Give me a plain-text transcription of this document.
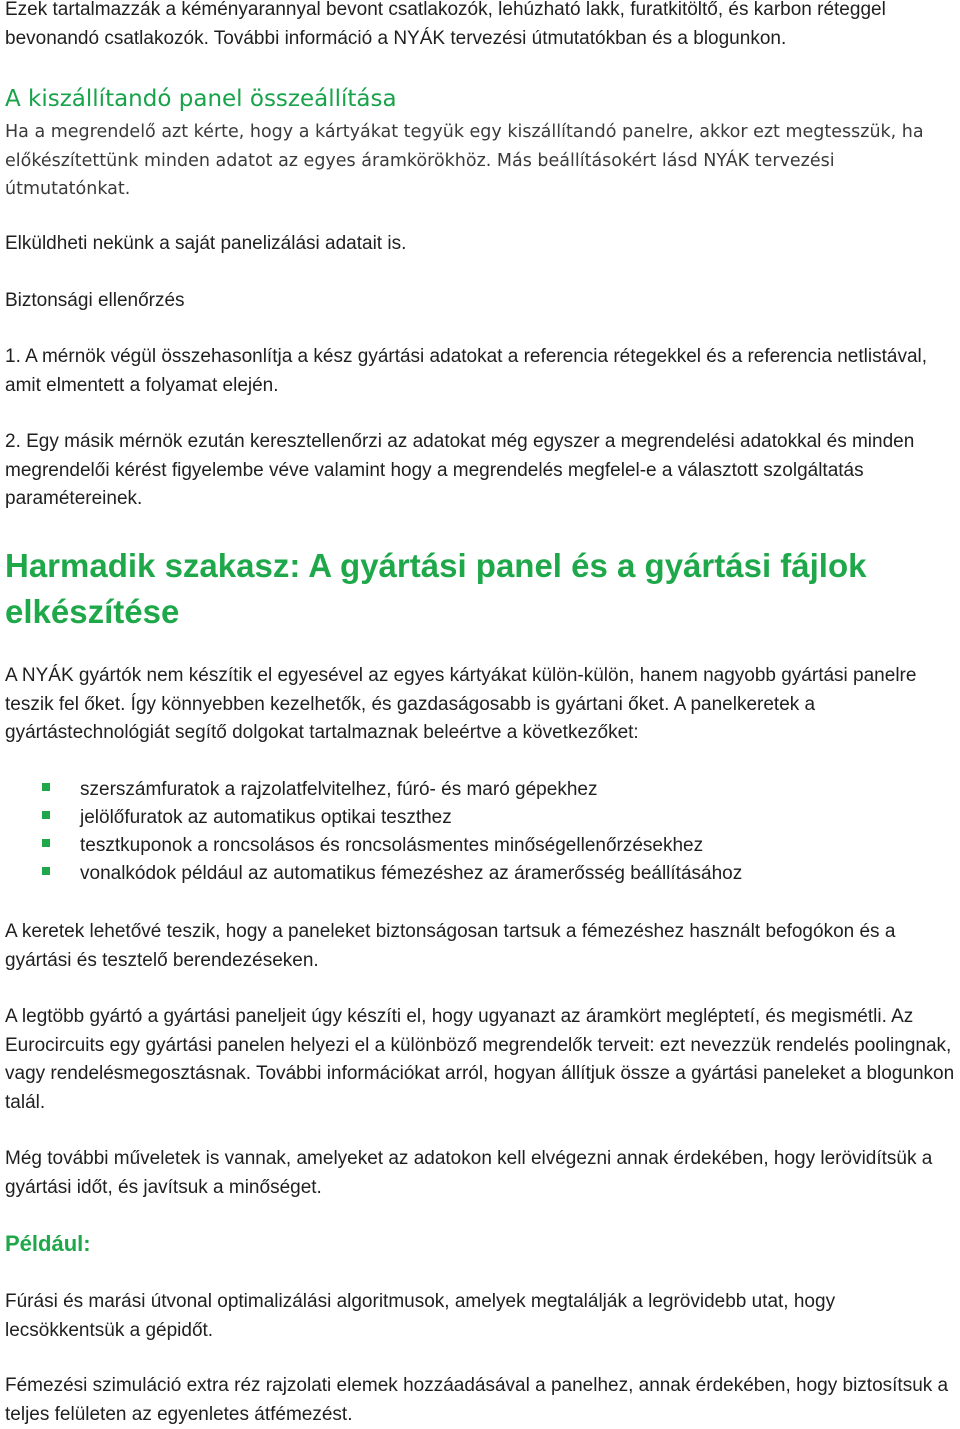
Ezek tartalmazzák a kéményarannyal bevont csatlakozók, lehúzható lakk, furatkitöltő, és karbon réteggel bevonandó csatlakozók. További információ a NYÁK tervezési útmutatókban és a blogunkon.

A kiszállítandó panel összeállítása

Ha a megrendelő azt kérte, hogy a kártyákat tegyük egy kiszállítandó panelre, akkor ezt megtesszük, ha előkészítettünk minden adatot az egyes áramkörökhöz. Más beállításokért lásd NYÁK tervezési útmutatónkat.

Elküldheti nekünk a saját panelizálási adatait is.

Biztonsági ellenőrzés

1. A mérnök végül összehasonlítja a kész gyártási adatokat a referencia rétegekkel és a referencia netlistával, amit elmentett a folyamat elején.

2. Egy másik mérnök ezután keresztellenőrzi az adatokat még egyszer a megrendelési adatokkal és minden megrendelői kérést figyelembe véve valamint hogy a megrendelés megfelel-e a választott szolgáltatás paramétereinek.

Harmadik szakasz: A gyártási panel és a gyártási fájlok elkészítése

A NYÁK gyártók nem készítik el egyesével az egyes kártyákat külön-külön, hanem nagyobb gyártási panelre teszik fel őket. Így könnyebben kezelhetők, és gazdaságosabb is gyártani őket. A panelkeretek a gyártástechnológiát segítő dolgokat tartalmaznak beleértve a következőket:

szerszámfuratok a rajzolatfelvitelhez, fúró- és maró gépekhez
jelölőfuratok az automatikus optikai teszthez
tesztkuponok a roncsolásos és roncsolásmentes minőségellenőrzésekhez
vonalkódok például az automatikus fémezéshez az áramerősség beállításához

A keretek lehetővé teszik, hogy a paneleket biztonságosan tartsuk a fémezéshez használt befogókon és a gyártási és tesztelő berendezéseken.

A legtöbb gyártó a gyártási paneljeit úgy készíti el, hogy ugyanazt az áramkört megléptetí, és megismétli. Az Eurocircuits egy gyártási panelen helyezi el a különböző megrendelők terveit: ezt nevezzük rendelés poolingnak, vagy rendelésmegosztásnak. További információkat arról, hogyan állítjuk össze a gyártási paneleket a blogunkon talál.

Még további műveletek is vannak, amelyeket az adatokon kell elvégezni annak érdekében, hogy lerövidítsük a gyártási időt, és javítsuk a minőséget.

Például:

Fúrási és marási útvonal optimalizálási algoritmusok, amelyek megtalálják a legrövidebb utat, hogy lecsökkentsük a gépidőt.

Fémezési szimuláció extra réz rajzolati elemek hozzáadásával a panelhez, annak érdekében, hogy biztosítsuk a teljes felületen az egyenletes átfémezést.
